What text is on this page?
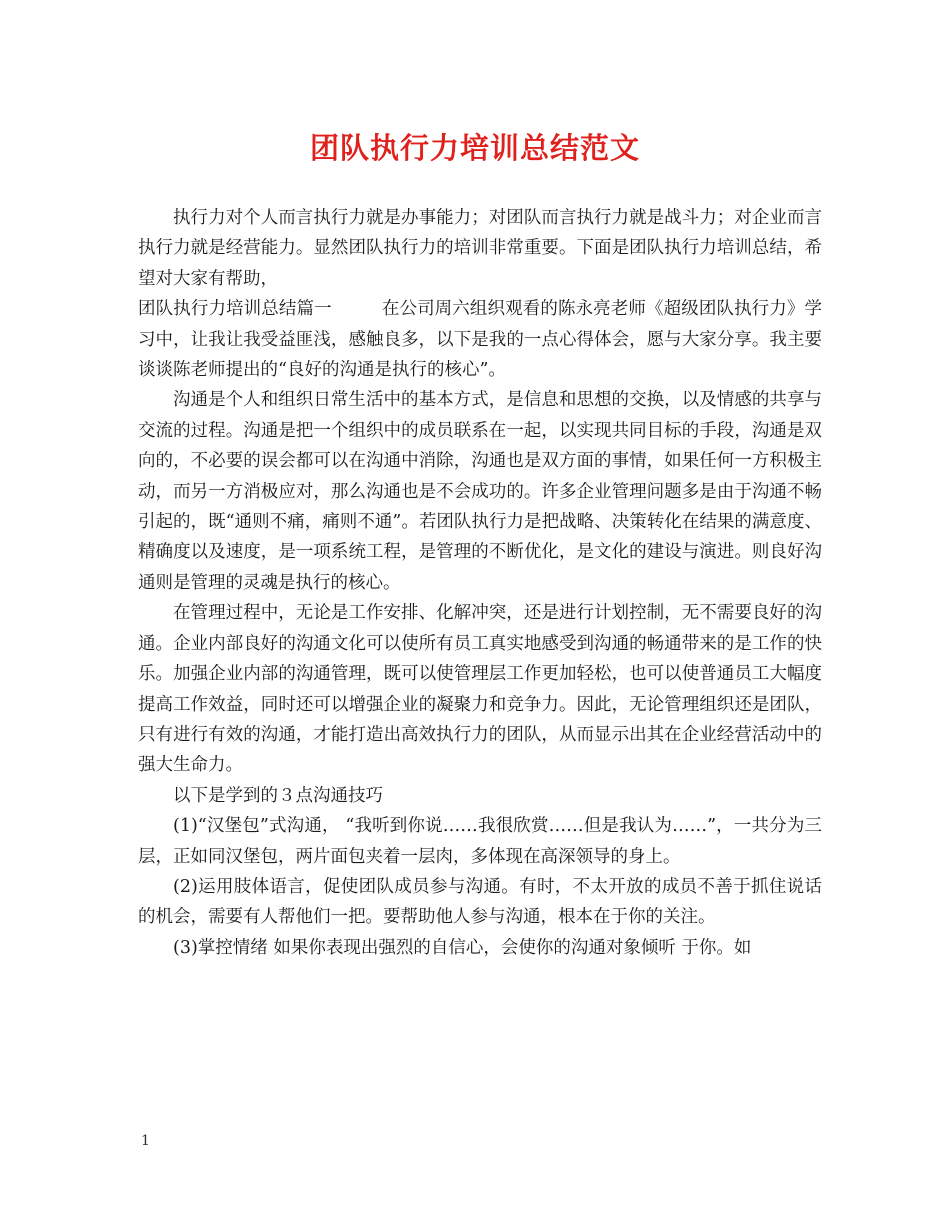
团队执行力培训总结范文

执行力对个人而言执行力就是办事能力；对团队而言执行力就是战斗力；对企业而言执行力就是经营能力。显然团队执行力的培训非常重要。下面是团队执行力培训总结，希望对大家有帮助，

团队执行力培训总结篇一	在公司周六组织观看的陈永亮老师《超级团队执行力》学习中，让我让我受益匪浅，感触良多，以下是我的一点心得体会，愿与大家分享。我主要谈谈陈老师提出的“良好的沟通是执行的核心”。

沟通是个人和组织日常生活中的基本方式，是信息和思想的交换，以及情感的共享与交流的过程。沟通是把一个组织中的成员联系在一起，以实现共同目标的手段，沟通是双向的，不必要的误会都可以在沟通中消除，沟通也是双方面的事情，如果任何一方积极主动，而另一方消极应对，那么沟通也是不会成功的。许多企业管理问题多是由于沟通不畅引起的，既“通则不痛，痛则不通”。若团队执行力是把战略、决策转化在结果的满意度、精确度以及速度，是一项系统工程，是管理的不断优化，是文化的建设与演进。则良好沟通则是管理的灵魂是执行的核心。

在管理过程中，无论是工作安排、化解冲突，还是进行计划控制，无不需要良好的沟通。企业内部良好的沟通文化可以使所有员工真实地感受到沟通的畅通带来的是工作的快乐。加强企业内部的沟通管理，既可以使管理层工作更加轻松，也可以使普通员工大幅度提高工作效益，同时还可以增强企业的凝聚力和竞争力。因此，无论管理组织还是团队，只有进行有效的沟通，才能打造出高效执行力的团队，从而显示出其在企业经营活动中的强大生命力。

以下是学到的３点沟通技巧

(1)“汉堡包”式沟通， “我听到你说……我很欣赏……但是我认为……”，一共分为三层，正如同汉堡包，两片面包夹着一层肉，多体现在高深领导的身上。

(2)运用肢体语言，促使团队成员参与沟通。有时，不太开放的成员不善于抓住说话的机会，需要有人帮他们一把。要帮助他人参与沟通，根本在于你的关注。

(3)掌控情绪 如果你表现出强烈的自信心，会使你的沟通对象倾听 于你。如

1
